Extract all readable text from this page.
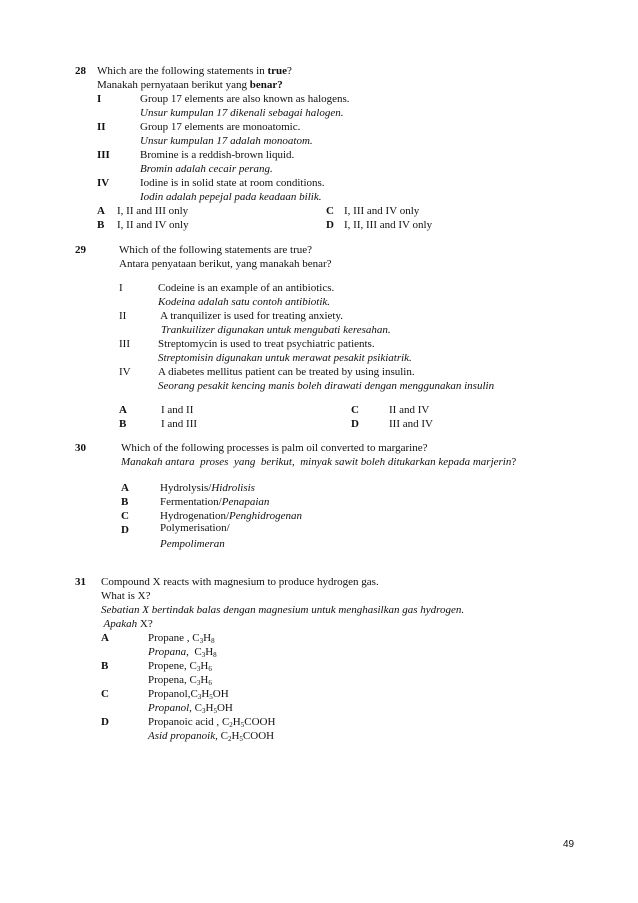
28 Which are the following statements in true?
Manakah pernyataan berikut yang benar?
I	Group 17 elements are also known as halogens.
Unsur kumpulan 17 dikenali sebagai halogen.
II	Group 17 elements are monoatomic.
Unsur kumpulan 17 adalah monoatom.
III	Bromine is a reddish-brown liquid.
Bromin adalah cecair perang.
IV	Iodine is in solid state at room conditions.
Iodin adalah pepejal pada keadaan bilik.
A I, II and III only
B I, II and IV only
C I, III and IV only
D I, II, III and IV only
29	Which of the following statements are true?
Antara penyataan berikut, yang manakah benar?
I	Codeine is an example of an antibiotics.
Kodeina adalah satu contoh antibiotik.
II	A tranquilizer is used for treating anxiety.
Trankuilizer digunakan untuk mengubati keresahan.
III	Streptomycin is used to treat psychiatric patients.
Streptomisin digunakan untuk merawat pesakit psikiatrik.
IV A diabetes mellitus patient can be treated by using insulin.
Seorang pesakit kencing manis boleh dirawati dengan menggunakan insulin
A	I and II
B	I and III
C	II and IV
D	III and IV
30	Which of the following processes is palm oil converted to margarine?
Manakah antara  proses  yang  berikut,  minyak sawit boleh ditukarkan kepada marjerin?
A	Hydrolysis/Hidrolisis
B	Fermentation/Penapaian
C	Hydrogenation/Penghidrogenan
D	Polymerisation/
Pempolimeran
31 Compound X reacts with magnesium to produce hydrogen gas.
What is X?
Sebatian X bertindak balas dengan magnesium untuk menghasilkan gas hydrogen.
Apakah X?
A	Propane , $C_3H_8$
Propana,  $C_3H_8$
B	Propene, $C_3H_6$
Propena, $C_3H_6$
C	$Propanol,C_3H_5OH$
Propanol, $C_3H_5OH$
D	Propanoic acid , $C_2H_5COOH$
Asid propanoik, $C_2H_5COOH$
49
